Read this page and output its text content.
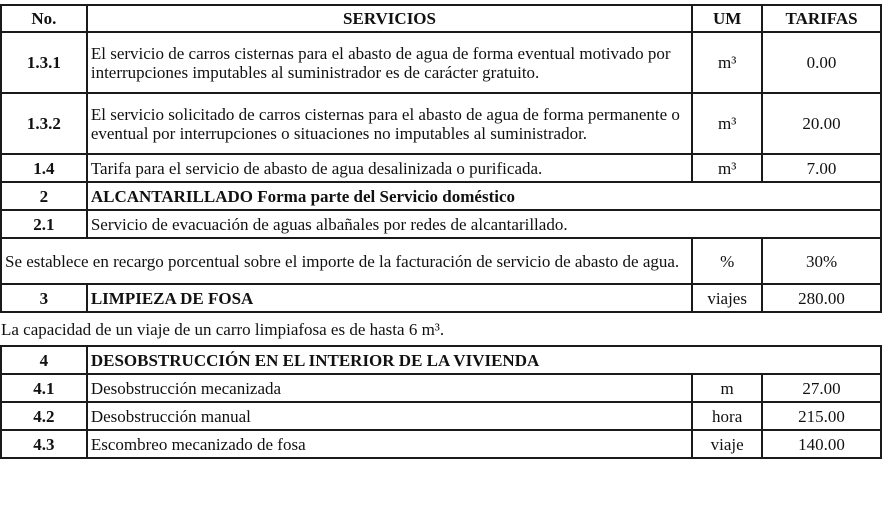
No.	SERVICIOS	UM	TARIFAS
1.3.1	El servicio de carros cisternas para el abasto de agua de forma eventual motivado por interrupciones imputables al suministrador es de carácter gratuito.	m³	0.00
1.3.2	El servicio solicitado de carros cisternas para el abasto de agua de forma permanente o eventual por interrupciones o situaciones no imputables al suministrador.	m³	20.00
1.4	Tarifa para el servicio de abasto de agua desalinizada o purificada.	m³	7.00
2	ALCANTARILLADO Forma parte del Servicio doméstico		
2.1	Servicio de evacuación de aguas albañales por redes de alcantarillado.		
Se establece en recargo porcentual sobre el importe de la facturación de servicio de abasto de agua.		%	30%
3	LIMPIEZA DE FOSA	viajes	280.00
La capacidad de un viaje de un carro limpiafosa es de hasta 6 m³.			
4	DESOBSTRUCCIÓN EN EL INTERIOR DE LA VIVIENDA		
4.1	Desobstrucción mecanizada	m	27.00
4.2	Desobstrucción manual	hora	215.00
4.3	Escombreo mecanizado de fosa	viaje	140.00
